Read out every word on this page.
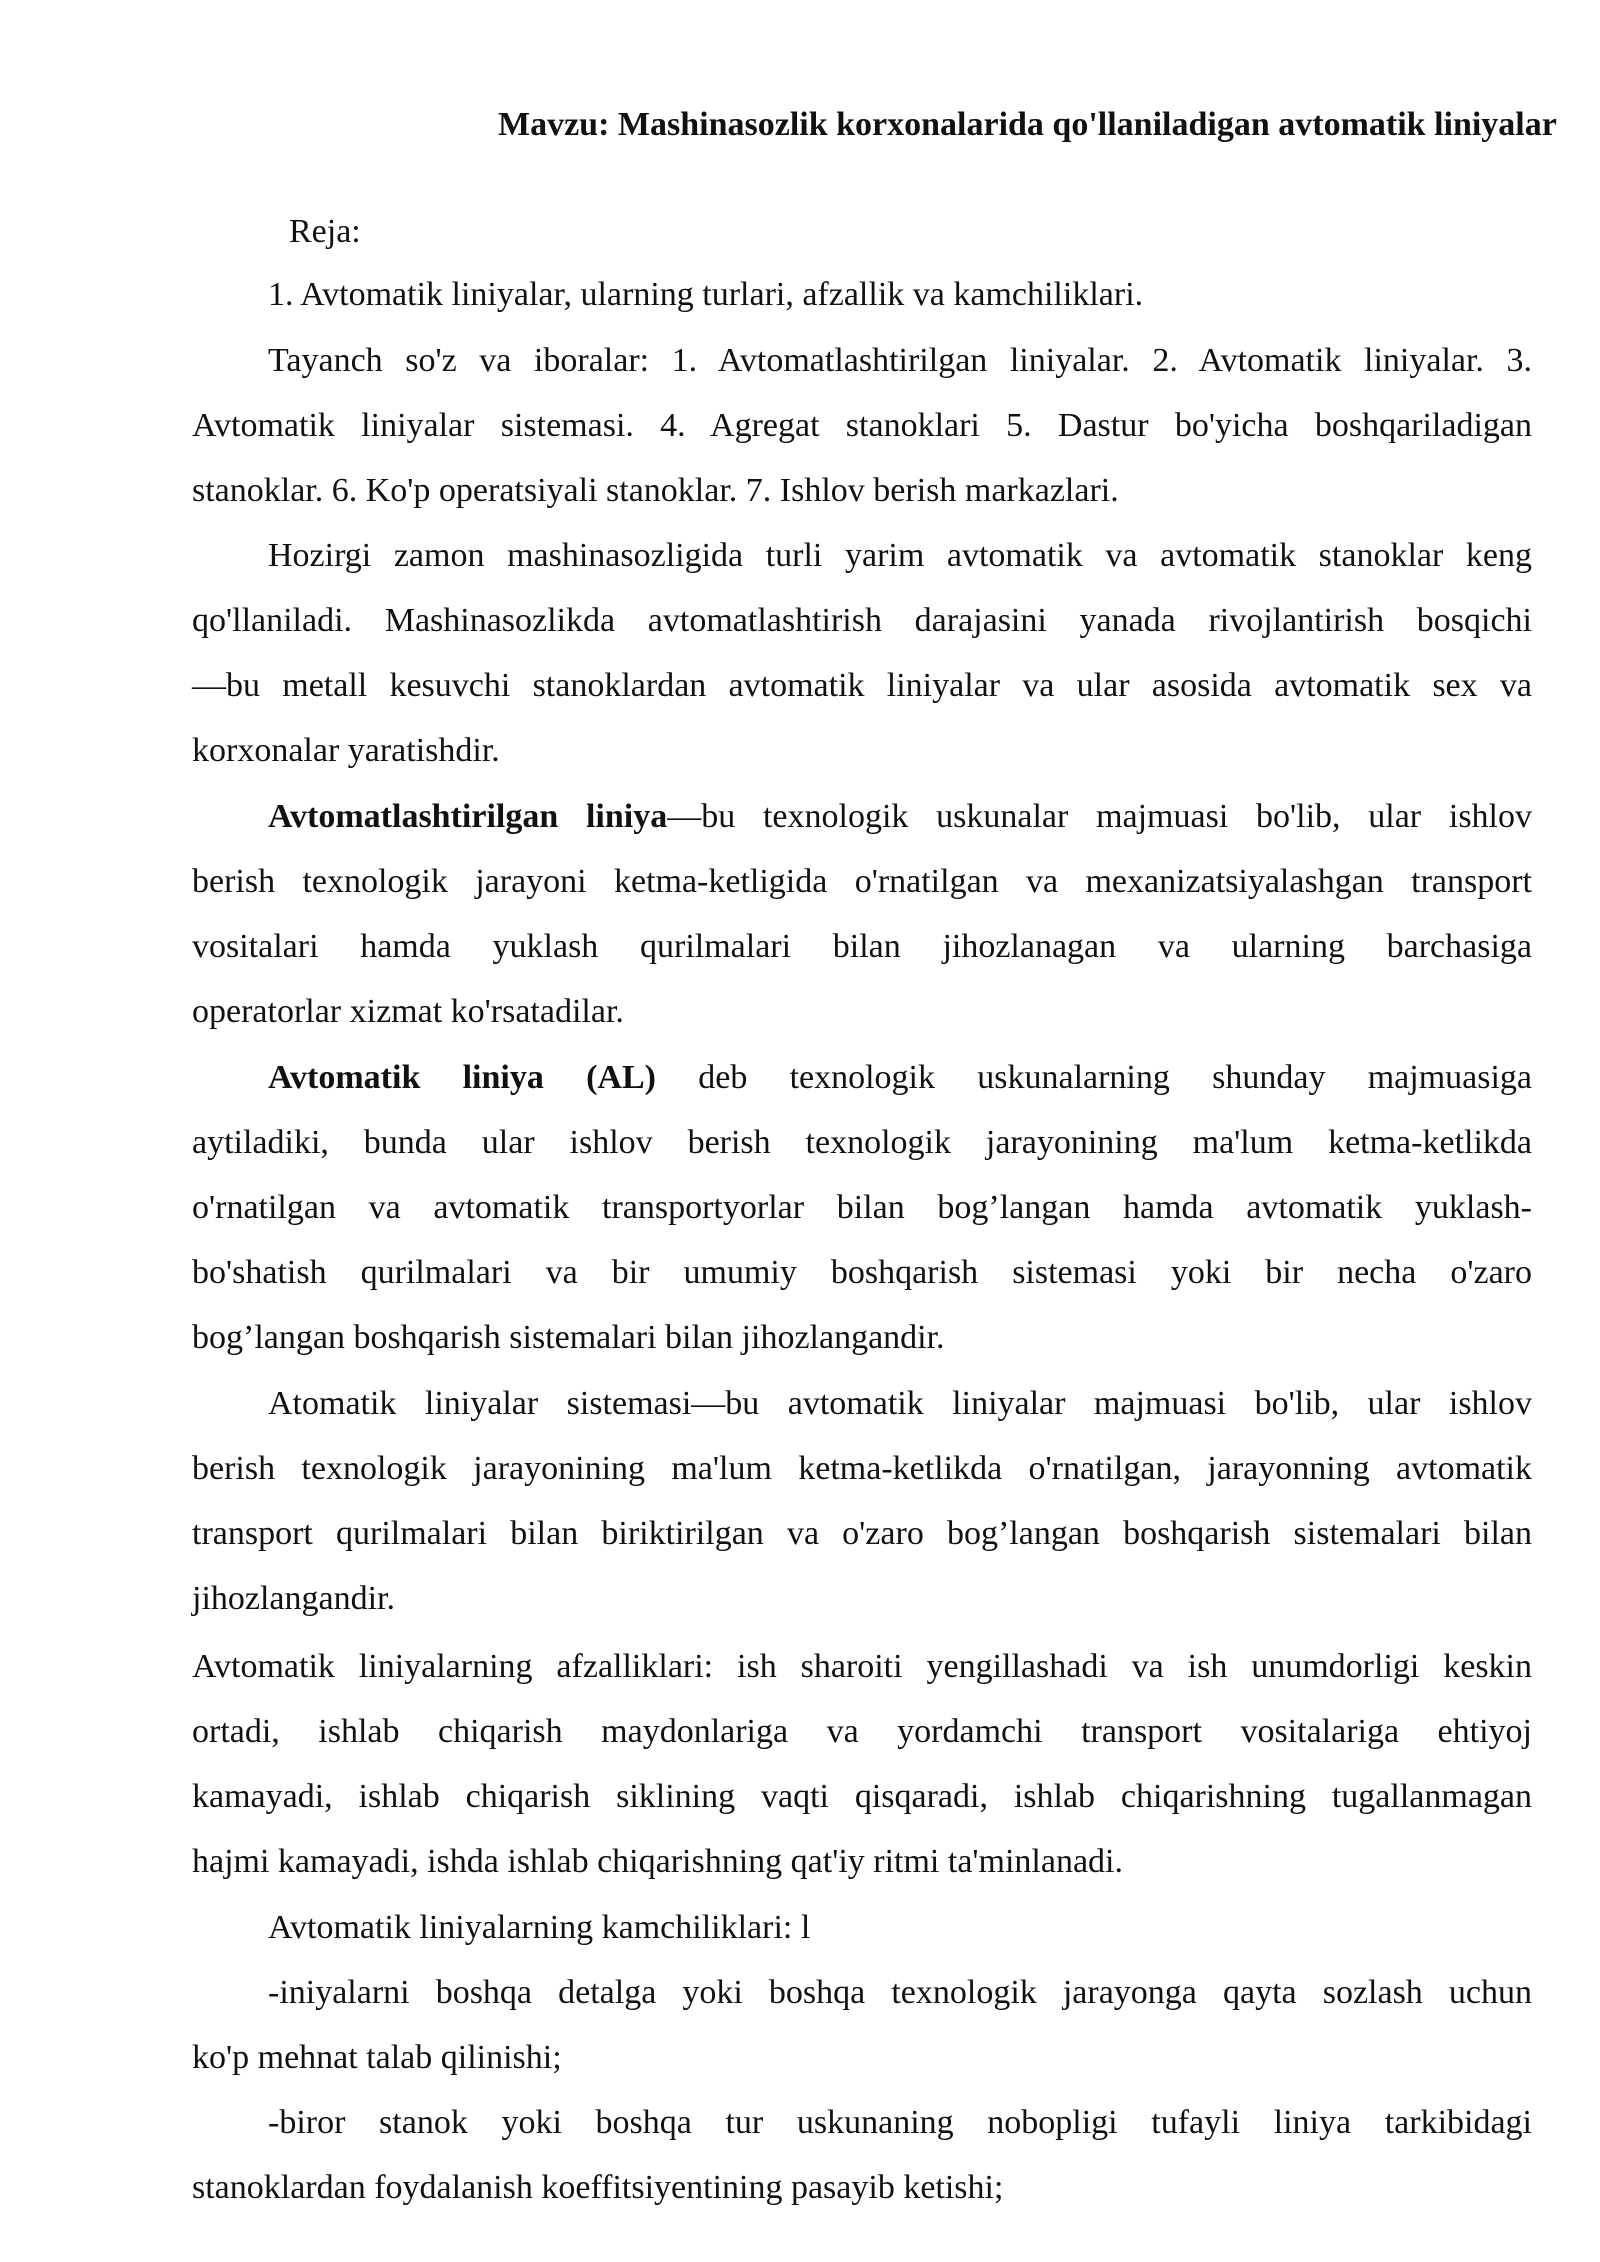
Mavzu: Mashinasozlik korxonalarida qo'llaniladigan avtomatik liniyalar

Reja:

1. Avtomatik liniyalar, ularning turlari, afzallik va kamchiliklari.

Tayanch so'z va iboralar: 1. Avtomatlashtirilgan liniyalar. 2. Avtomatik liniyalar. 3.

Avtomatik liniyalar sistemasi. 4. Agregat stanoklari 5. Dastur bo'yicha boshqariladigan

stanoklar. 6. Ko'p operatsiyali stanoklar. 7. Ishlov berish markazlari.

Hozirgi zamon mashinasozligida turli yarim avtomatik va avtomatik stanoklar keng

qo'llaniladi. Mashinasozlikda avtomatlashtirish darajasini yanada rivojlantirish bosqichi

—bu metall kesuvchi stanoklardan avtomatik liniyalar va ular asosida avtomatik sex va

korxonalar yaratishdir.

Avtomatlashtirilgan liniya—bu texnologik uskunalar majmuasi bo'lib, ular ishlov

berish texnologik jarayoni ketma-ketligida o'rnatilgan va mexanizatsiyalashgan transport

vositalari hamda yuklash qurilmalari bilan jihozlanagan va ularning barchasiga

operatorlar xizmat ko'rsatadilar.

Avtomatik liniya (AL) deb texnologik uskunalarning shunday majmuasiga

aytiladiki, bunda ular ishlov berish texnologik jarayonining ma'lum ketma-ketlikda

o'rnatilgan va avtomatik transportyorlar bilan bog’langan hamda avtomatik yuklash-

bo'shatish qurilmalari va bir umumiy boshqarish sistemasi yoki bir necha o'zaro

bog’langan boshqarish sistemalari bilan jihozlangandir.

Atomatik liniyalar sistemasi—bu avtomatik liniyalar majmuasi bo'lib, ular ishlov

berish texnologik jarayonining ma'lum ketma-ketlikda o'rnatilgan, jarayonning avtomatik

transport qurilmalari bilan biriktirilgan va o'zaro bog’langan boshqarish sistemalari bilan

jihozlangandir.

Avtomatik liniyalarning afzalliklari: ish sharoiti yengillashadi va ish unumdorligi keskin

ortadi, ishlab chiqarish maydonlariga va yordamchi transport vositalariga ehtiyoj

kamayadi, ishlab chiqarish siklining vaqti qisqaradi, ishlab chiqarishning tugallanmagan

hajmi kamayadi, ishda ishlab chiqarishning qat'iy ritmi ta'minlanadi.

Avtomatik liniyalarning kamchiliklari: l

-iniyalarni boshqa detalga yoki boshqa texnologik jarayonga qayta sozlash uchun

ko'p mehnat talab qilinishi;

-biror stanok yoki boshqa tur uskunaning nobopligi tufayli liniya tarkibidagi

stanoklardan foydalanish koeffitsiyentining pasayib ketishi;
